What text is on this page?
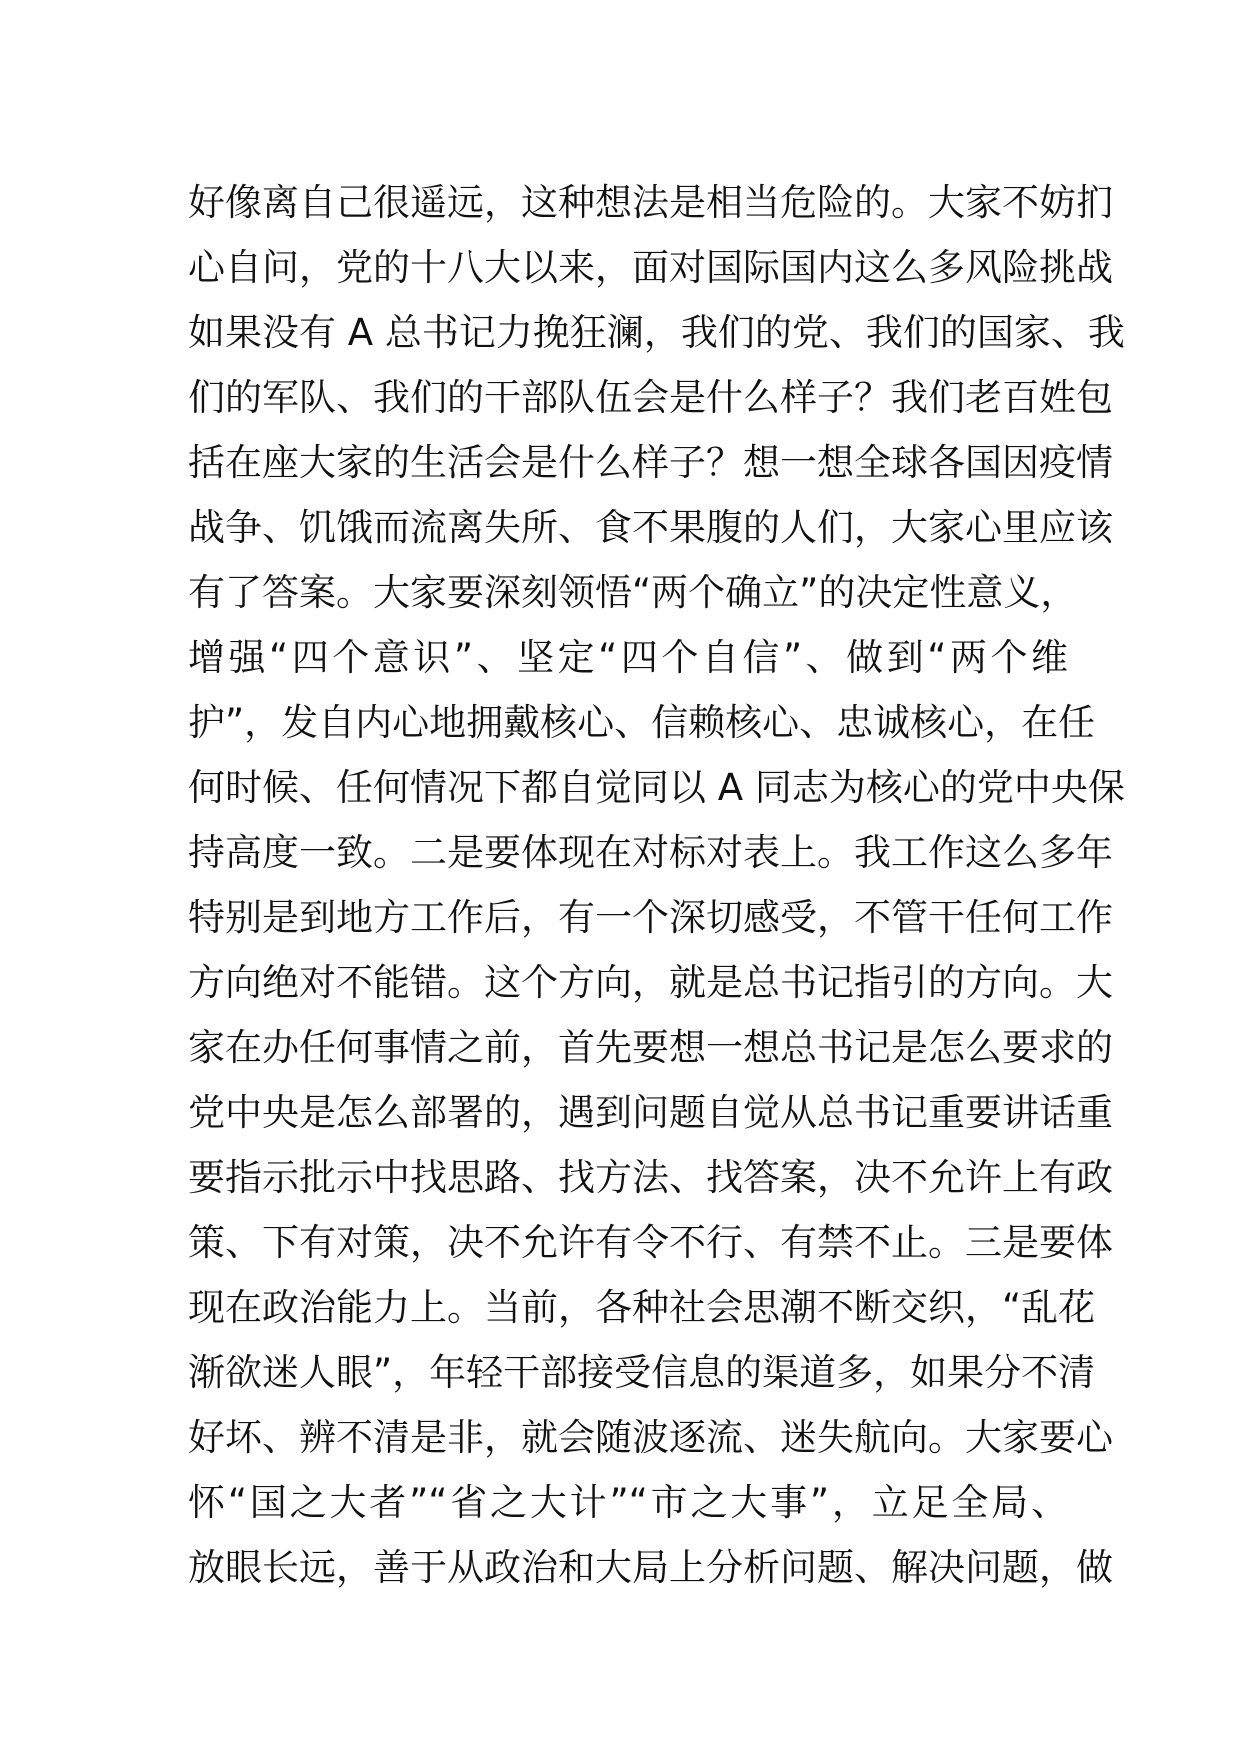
好像离自己很遥远，这种想法是相当危险的。大家不妨扪
心自问，党的十八大以来，面对国际国内这么多风险挑战
如果没有 A 总书记力挽狂澜，我们的党、我们的国家、我
们的军队、我们的干部队伍会是什么样子？我们老百姓包
括在座大家的生活会是什么样子？想一想全球各国因疫情
战争、饥饿而流离失所、食不果腹的人们，大家心里应该
有了答案。大家要深刻领悟“两个确立”的决定性意义，
增强“四个意识”、坚定“四个自信”、做到“两个维
护”，发自内心地拥戴核心、信赖核心、忠诚核心，在任
何时候、任何情况下都自觉同以 A 同志为核心的党中央保
持高度一致。二是要体现在对标对表上。我工作这么多年
特别是到地方工作后，有一个深切感受，不管干任何工作
方向绝对不能错。这个方向，就是总书记指引的方向。大
家在办任何事情之前，首先要想一想总书记是怎么要求的
党中央是怎么部署的，遇到问题自觉从总书记重要讲话重
要指示批示中找思路、找方法、找答案，决不允许上有政
策、下有对策，决不允许有令不行、有禁不止。三是要体
现在政治能力上。当前，各种社会思潮不断交织，“乱花
渐欲迷人眼”，年轻干部接受信息的渠道多，如果分不清
好坏、辨不清是非，就会随波逐流、迷失航向。大家要心
怀“国之大者”“省之大计”“市之大事”，立足全局、
放眼长远，善于从政治和大局上分析问题、解决问题，做
